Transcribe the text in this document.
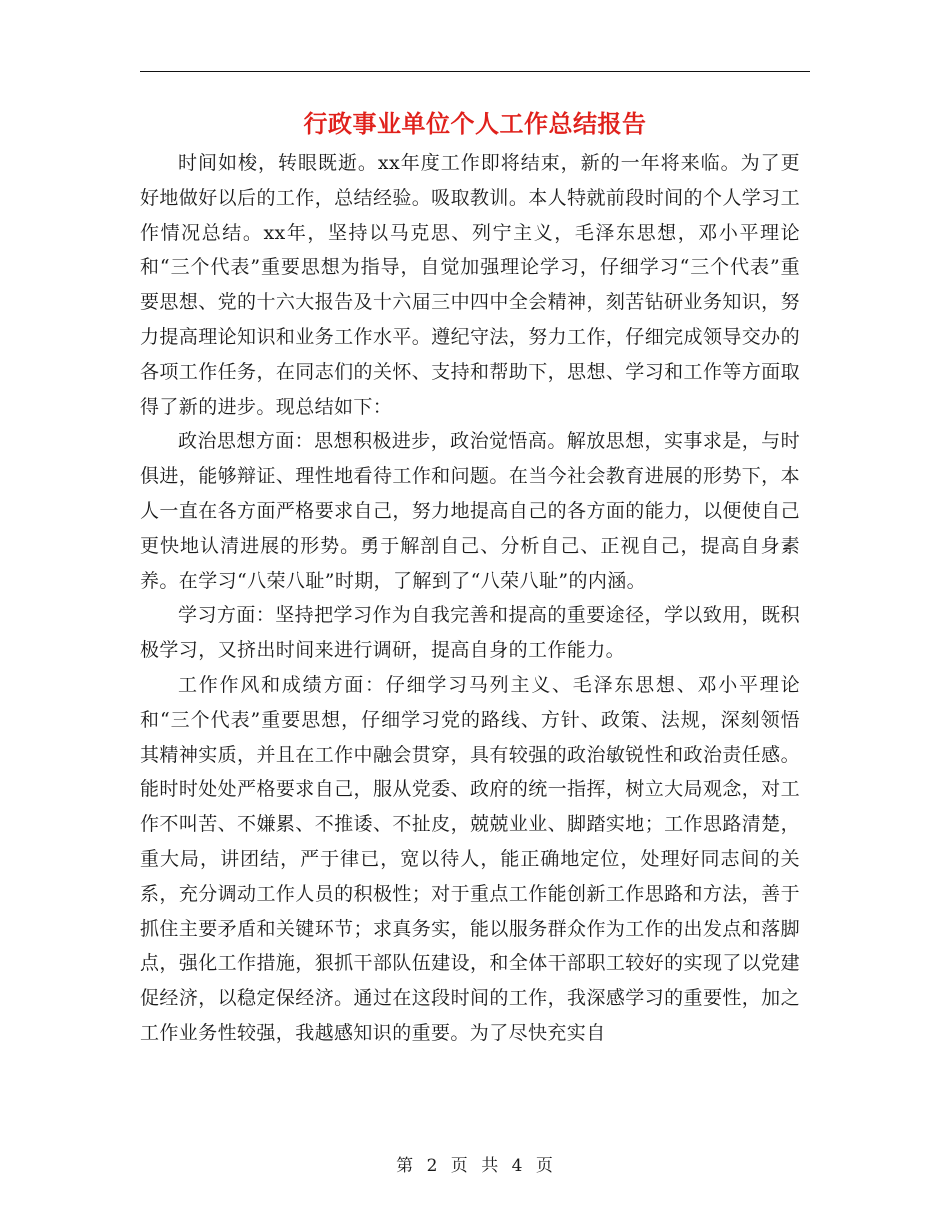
行政事业单位个人工作总结报告

时间如梭，转眼既逝。xx年度工作即将结束，新的一年将来临。为了更好地做好以后的工作，总结经验。吸取教训。本人特就前段时间的个人学习工作情况总结。xx年，坚持以马克思、列宁主义，毛泽东思想，邓小平理论和“三个代表”重要思想为指导，自觉加强理论学习，仔细学习“三个代表”重要思想、党的十六大报告及十六届三中四中全会精神，刻苦钻研业务知识，努力提高理论知识和业务工作水平。遵纪守法，努力工作，仔细完成领导交办的各项工作任务，在同志们的关怀、支持和帮助下，思想、学习和工作等方面取得了新的进步。现总结如下：

政治思想方面：思想积极进步，政治觉悟高。解放思想，实事求是，与时俱进，能够辩证、理性地看待工作和问题。在当今社会教育进展的形势下，本人一直在各方面严格要求自己，努力地提高自己的各方面的能力，以便使自己更快地认清进展的形势。勇于解剖自己、分析自己、正视自己，提高自身素养。在学习“八荣八耻”时期，了解到了“八荣八耻”的内涵。

学习方面：坚持把学习作为自我完善和提高的重要途径，学以致用，既积极学习，又挤出时间来进行调研，提高自身的工作能力。

工作作风和成绩方面：仔细学习马列主义、毛泽东思想、邓小平理论和“三个代表”重要思想，仔细学习党的路线、方针、政策、法规，深刻领悟其精神实质，并且在工作中融会贯穿，具有较强的政治敏锐性和政治责任感。能时时处处严格要求自己，服从党委、政府的统一指挥，树立大局观念，对工作不叫苦、不嫌累、不推诿、不扯皮，兢兢业业、脚踏实地；工作思路清楚，重大局，讲团结，严于律已，宽以待人，能正确地定位，处理好同志间的关系，充分调动工作人员的积极性；对于重点工作能创新工作思路和方法，善于抓住主要矛盾和关键环节；求真务实，能以服务群众作为工作的出发点和落脚点，强化工作措施，狠抓干部队伍建设，和全体干部职工较好的实现了以党建促经济，以稳定保经济。通过在这段时间的工作，我深感学习的重要性，加之工作业务性较强，我越感知识的重要。为了尽快充实自

第 2 页 共 4 页
